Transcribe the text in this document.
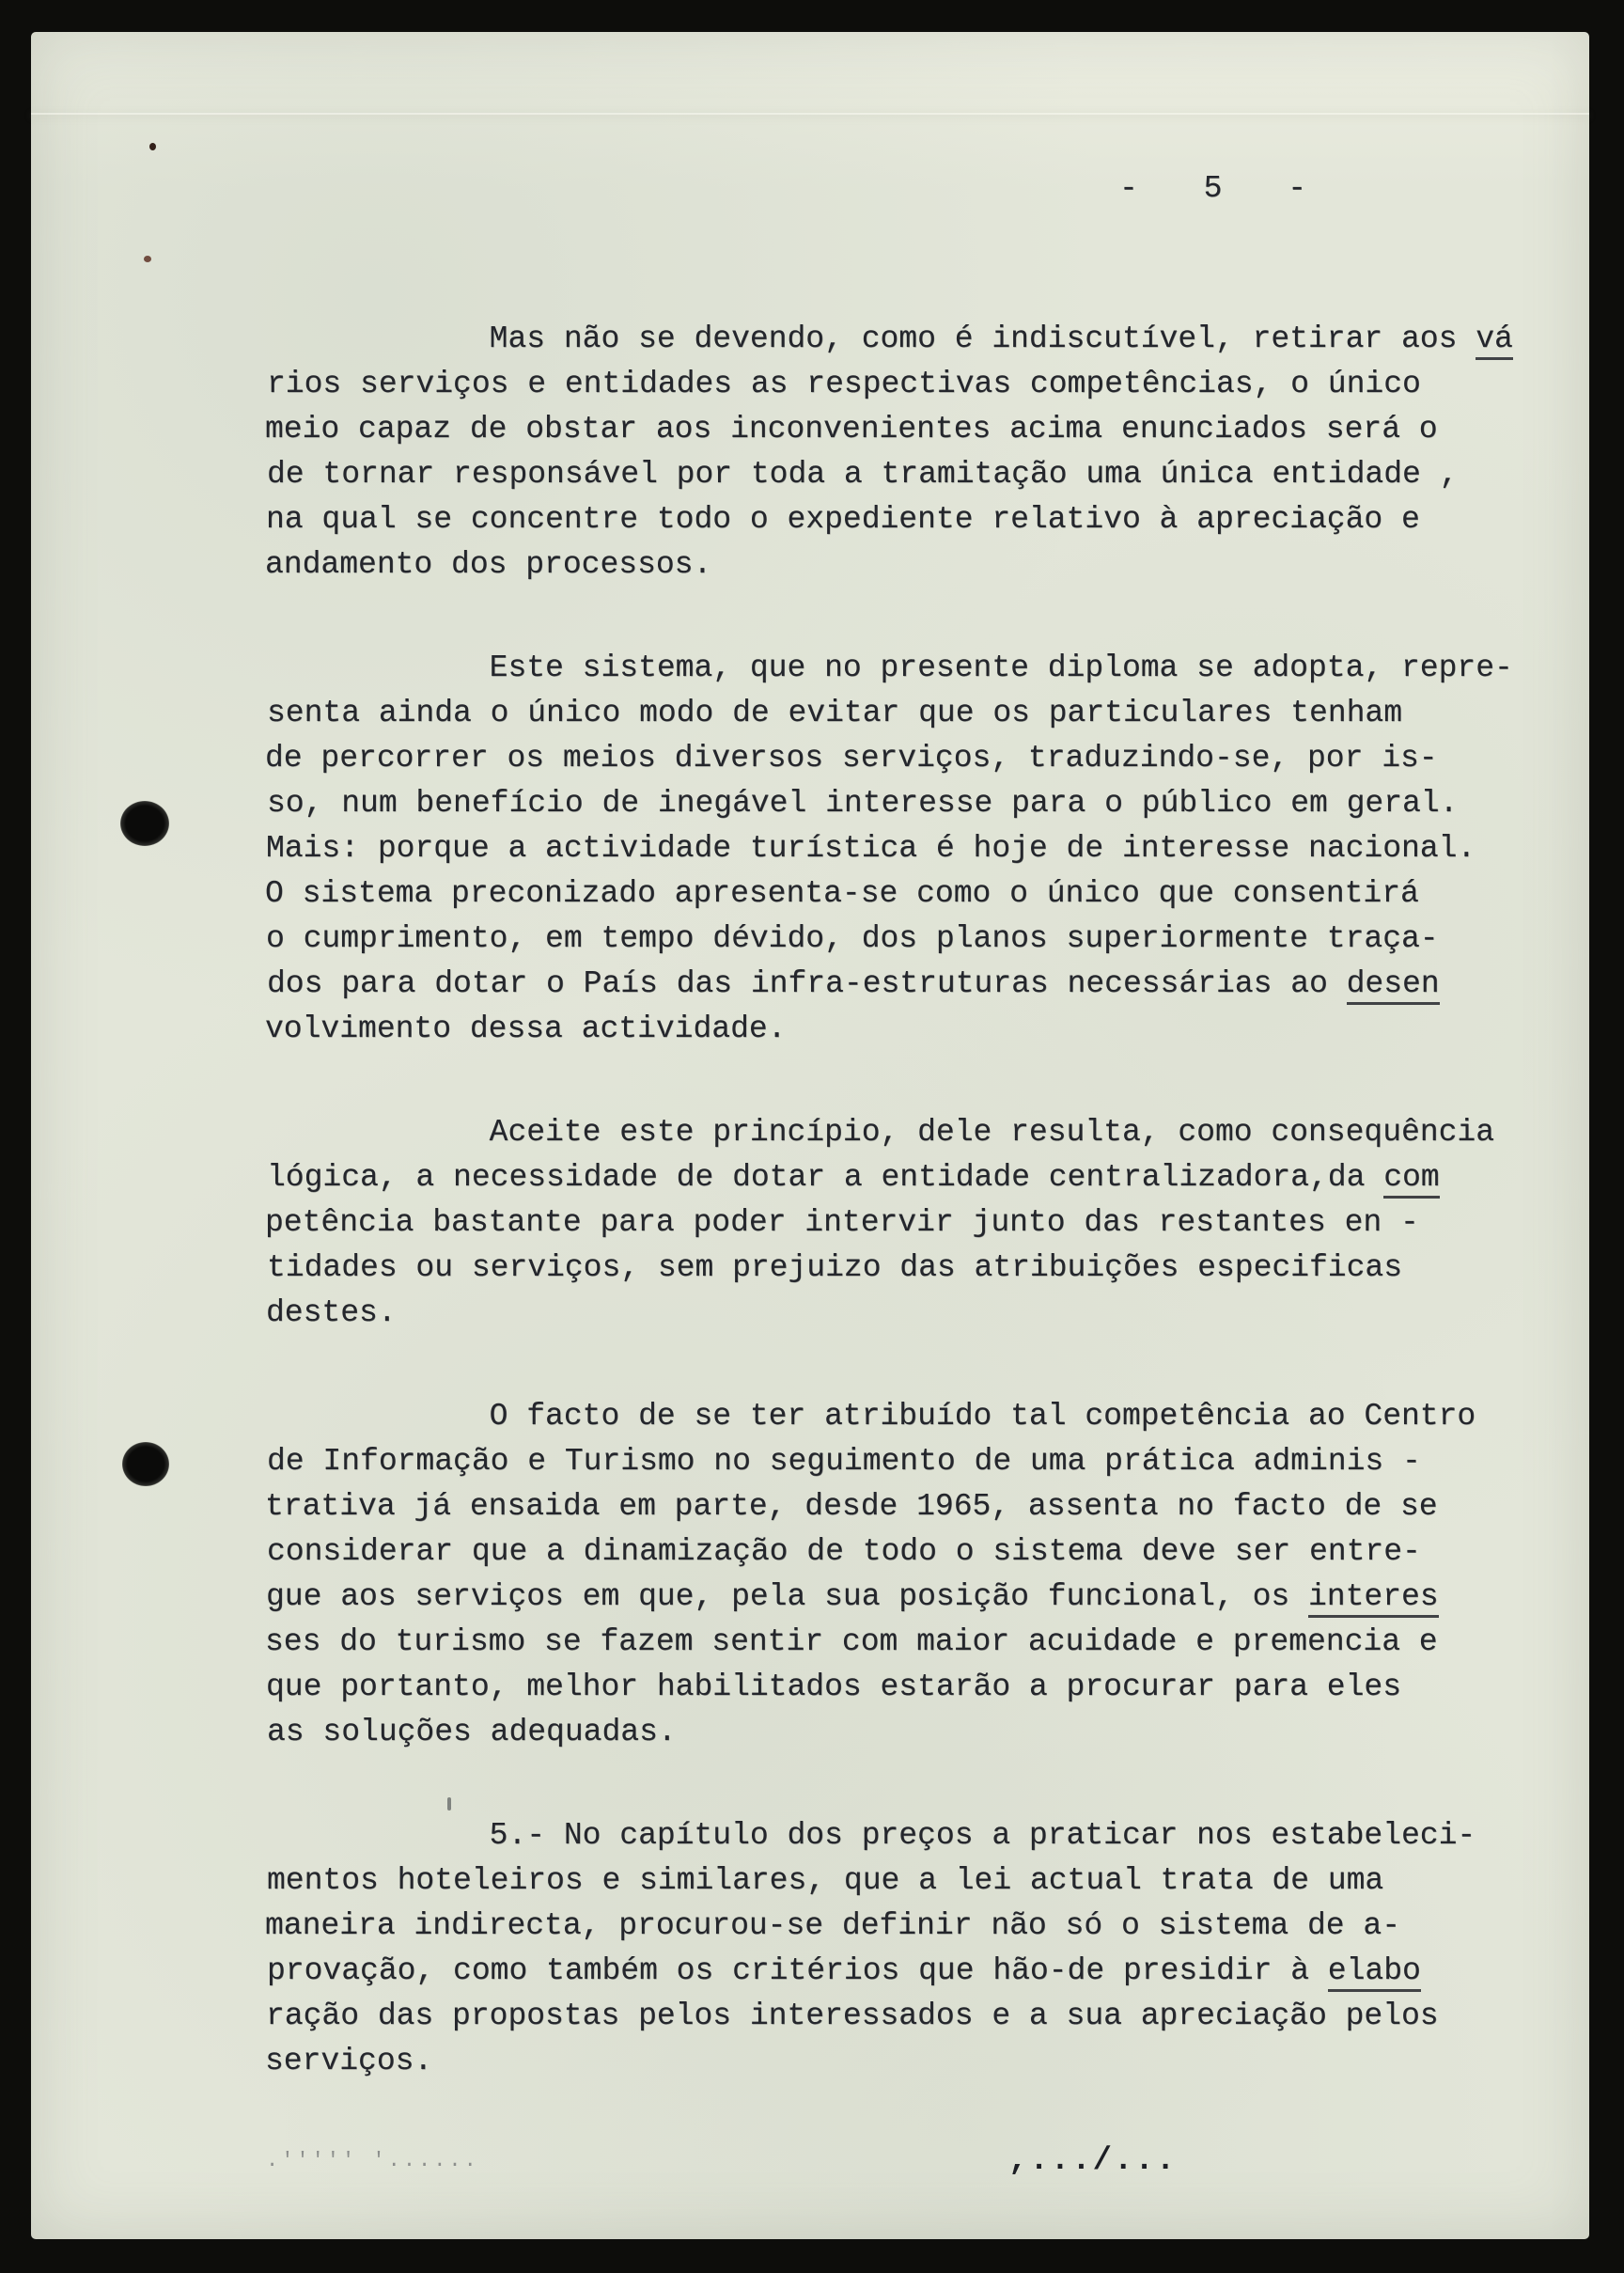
- 5 -
Mas não se devendo, como é indiscutível, retirar aos vá
rios serviços e entidades as respectivas competências, o único
meio capaz de obstar aos inconvenientes acima enunciados será o
de tornar responsável por toda a tramitação uma única entidade ,
na qual se concentre todo o expediente relativo à apreciação e
andamento dos processos.
Este sistema, que no presente diploma se adopta, repre-
senta ainda o único modo de evitar que os particulares tenham
de percorrer os meios diversos serviços, traduzindo-se, por is-
so, num benefício de inegável interesse para o público em geral.
Mais: porque a actividade turística é hoje de interesse nacional.
O sistema preconizado apresenta-se como o único que consentirá
o cumprimento, em tempo dévido, dos planos superiormente traça-
dos para dotar o País das infra-estruturas necessárias ao desen
volvimento dessa actividade.
Aceite este princípio, dele resulta, como consequência
lógica, a necessidade de dotar a entidade centralizadora,da com
petência bastante para poder intervir junto das restantes en -
tidades ou serviços, sem prejuizo das atribuições especificas
destes.
O facto de se ter atribuído tal competência ao Centro
de Informação e Turismo no seguimento de uma prática adminis -
trativa já ensaida em parte, desde 1965, assenta no facto de se
considerar que a dinamização de todo o sistema deve ser entre-
gue aos serviços em que, pela sua posição funcional, os interes
ses do turismo se fazem sentir com maior acuidade e premencia e
que portanto, melhor habilitados estarão a procurar para eles
as soluções adequadas.
5.- No capítulo dos preços a praticar nos estabeleci-
mentos hoteleiros e similares, que a lei actual trata de uma
maneira indirecta, procurou-se definir não só o sistema de a-
provação, como também os critérios que hão-de presidir à elabo
ração das propostas pelos interessados e a sua apreciação pelos
serviços.
.''''' '......	,.../...
